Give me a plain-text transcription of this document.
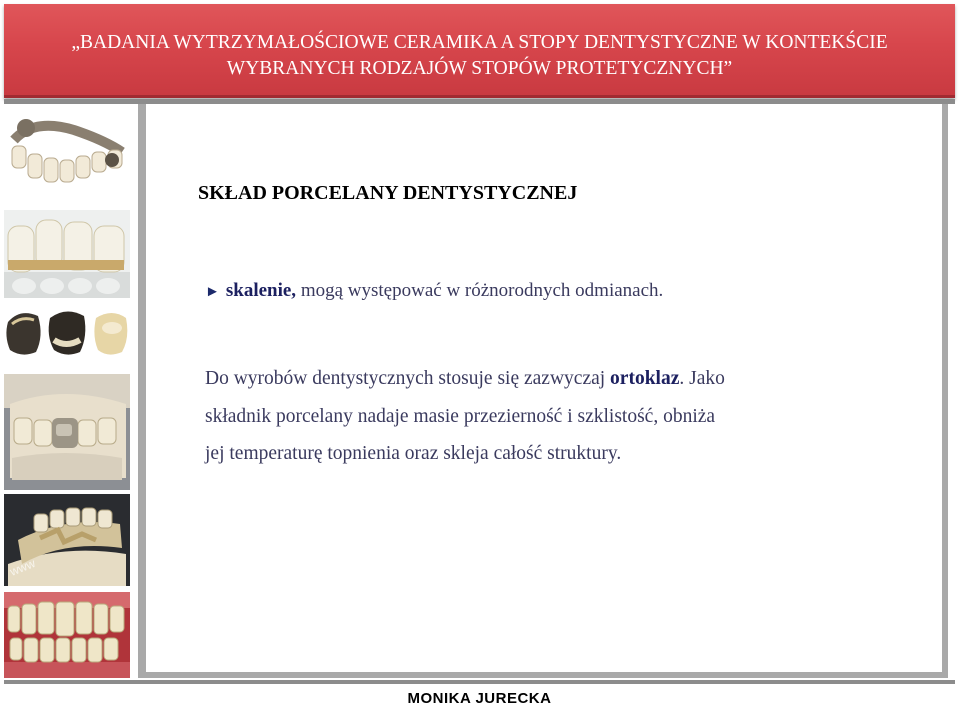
„BADANIA WYTRZYMAŁOŚCIOWE CERAMIKA A STOPY DENTYSTYCZNE W KONTEKŚCIE
WYBRANYCH RODZAJÓW STOPÓW PROTETYCZNYCH”
www
SKŁAD PORCELANY DENTYSTYCZNEJ
► skalenie, mogą występować w różnorodnych odmianach.
Do wyrobów dentystycznych stosuje się zazwyczaj ortoklaz. Jako
składnik porcelany nadaje masie przezierność i szklistość, obniża
jej temperaturę topnienia oraz skleja całość struktury.
MONIKA JURECKA
